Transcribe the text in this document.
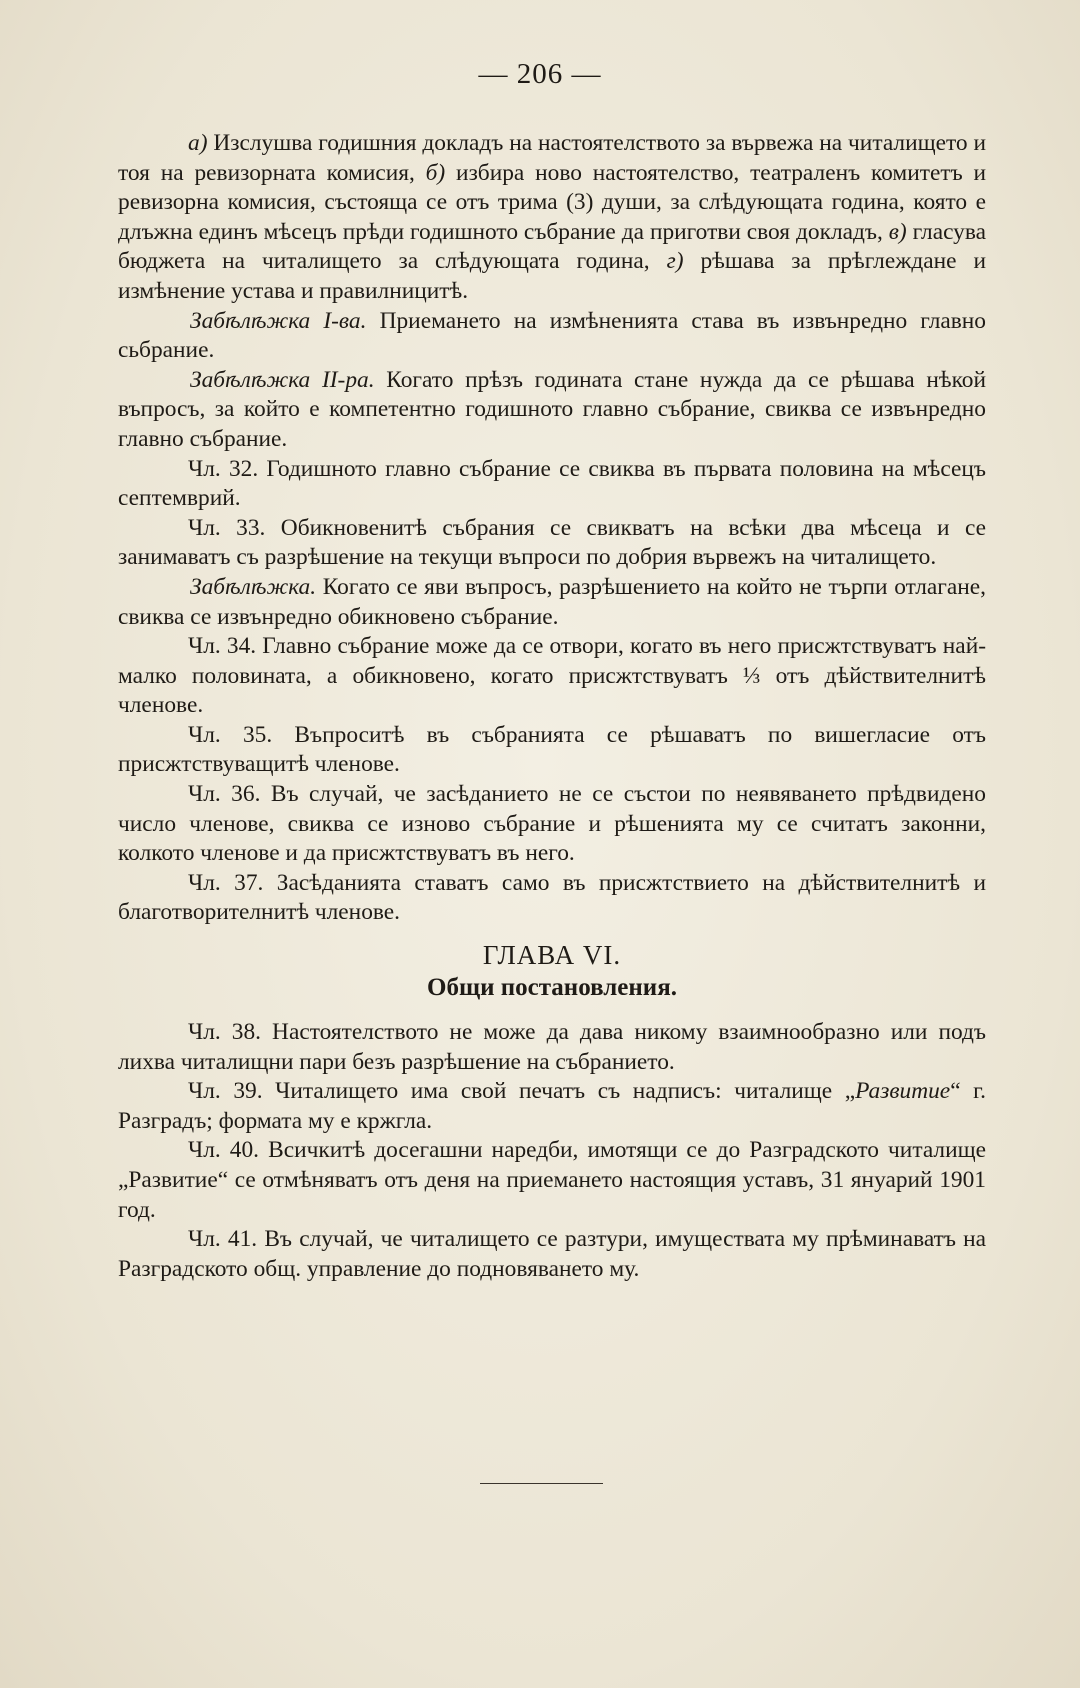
— 206 —

а) Изслушва годишния докладъ на настоятелството за вървежа на читалището и тоя на ревизорната комисия, б) избира ново настоятелство, театраленъ комитетъ и ревизорна комисия, състояща се отъ трима (3) души, за слѣдующата година, която е длъжна единъ мѣсецъ прѣди годишното събрание да приготви своя докладъ, в) гласува бюджета на читалището за слѣдующата година, г) рѣшава за прѣглеждане и измѣнение устава и правилницитѣ.

Забѣлѣжка I-ва. Приемането на измѣненията става въ извънредно главно сьбрание.

Забѣлѣжка II-ра. Когато прѣзъ годината стане нужда да се рѣшава нѣкой въпросъ, за който е компетентно годишното главно събрание, свиква се извънредно главно събрание.

Чл. 32. Годишното главно събрание се свиква въ първата половина на мѣсецъ септемврий.

Чл. 33. Обикновенитѣ събрания се свикватъ на всѣки два мѣсеца и се занимаватъ съ разрѣшение на текущи въпроси по добрия вървежъ на читалището.

Забѣлѣжка. Когато се яви въпросъ, разрѣшението на който не търпи отлагане, свиква се извънредно обикновено събрание.

Чл. 34. Главно събрание може да се отвори, когато въ него присжтствуватъ най-малко половината, а обикновено, когато присжтствуватъ ⅓ отъ дѣйствителнитѣ членове.

Чл. 35. Въпроситѣ въ събранията се рѣшаватъ по вишегласие отъ присжтствуващитѣ членове.

Чл. 36. Въ случай, че засѣданието не се състои по неявяването прѣдвидено число членове, свиква се изново събрание и рѣшенията му се считатъ законни, колкото членове и да присжтствуватъ въ него.

Чл. 37. Засѣданията ставатъ само въ присжтствието на дѣйствителнитѣ и благотворителнитѣ членове.

ГЛАВА VI.
Общи постановления.

Чл. 38. Настоятелството не може да дава никому взаимнообразно или подъ лихва читалищни пари безъ разрѣшение на събранието.

Чл. 39. Читалището има свой печатъ съ надписъ: читалище „Развитие“ г. Разградъ; формата му е кржгла.

Чл. 40. Всичкитѣ досегашни наредби, имотящи се до Разградското читалище „Развитие“ се отмѣняватъ отъ деня на приемането настоящия уставъ, 31 януарий 1901 год.

Чл. 41. Въ случай, че читалището се разтури, имуществата му прѣминаватъ на Разградското общ. управление до подновяването му.
